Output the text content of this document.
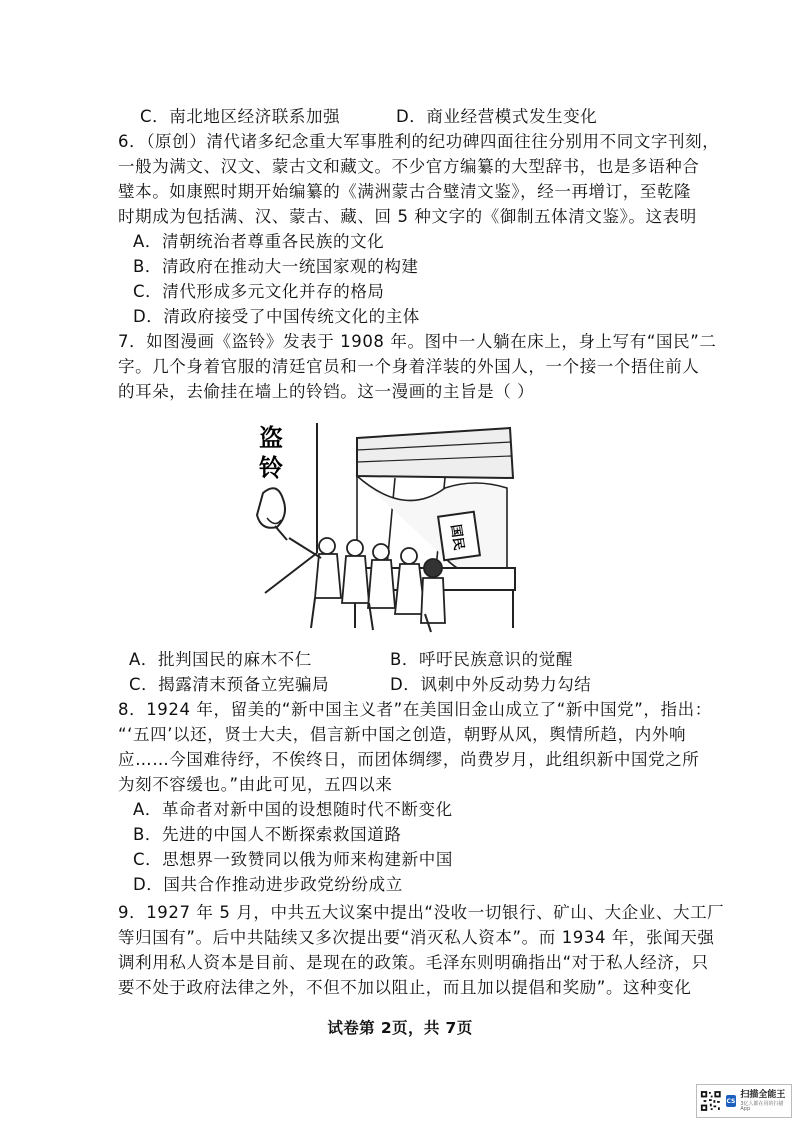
C．南北地区经济联系加强	D．商业经营模式发生变化
6．（原创）清代诸多纪念重大军事胜利的纪功碑四面往往分别用不同文字刊刻，
一般为满文、汉文、蒙古文和藏文。不少官方编纂的大型辞书，也是多语种合
璧本。如康熙时期开始编纂的《满洲蒙古合璧清文鉴》，经一再增订，至乾隆
时期成为包括满、汉、蒙古、藏、回 5 种文字的《御制五体清文鉴》。这表明
A．清朝统治者尊重各民族的文化
B．清政府在推动大一统国家观的构建
C．清代形成多元文化并存的格局
D．清政府接受了中国传统文化的主体
7．如图漫画《盗铃》发表于 1908 年。图中一人躺在床上，身上写有“国民”二
字。几个身着官服的清廷官员和一个身着洋装的外国人，一个接一个捂住前人
的耳朵，去偷挂在墙上的铃铛。这一漫画的主旨是（ ）
盗
铃
国民
A．批判国民的麻木不仁	B．呼吁民族意识的觉醒
C．揭露清末预备立宪骗局	D．讽刺中外反动势力勾结
8．1924 年，留美的“新中国主义者”在美国旧金山成立了“新中国党”，指出：
“‘五四’以还，贤士大夫，倡言新中国之创造，朝野从风，舆情所趋，内外响
应……今国难待纾，不俟终日，而团体绸缪，尚费岁月，此组织新中国党之所
为刻不容缓也。”由此可见，五四以来
A．革命者对新中国的设想随时代不断变化
B．先进的中国人不断探索救国道路
C．思想界一致赞同以俄为师来构建新中国
D．国共合作推动进步政党纷纷成立
9．1927 年 5 月，中共五大议案中提出“没收一切银行、矿山、大企业、大工厂
等归国有”。后中共陆续又多次提出要“消灭私人资本”。而 1934 年，张闻天强
调利用私人资本是目前、是现在的政策。毛泽东则明确指出“对于私人经济，只
要不处于政府法律之外，不但不加以阻止，而且加以提倡和奖励”。这种变化
试卷第 2页，共 7页
CS
扫描全能王
3亿人都在用的扫描App
